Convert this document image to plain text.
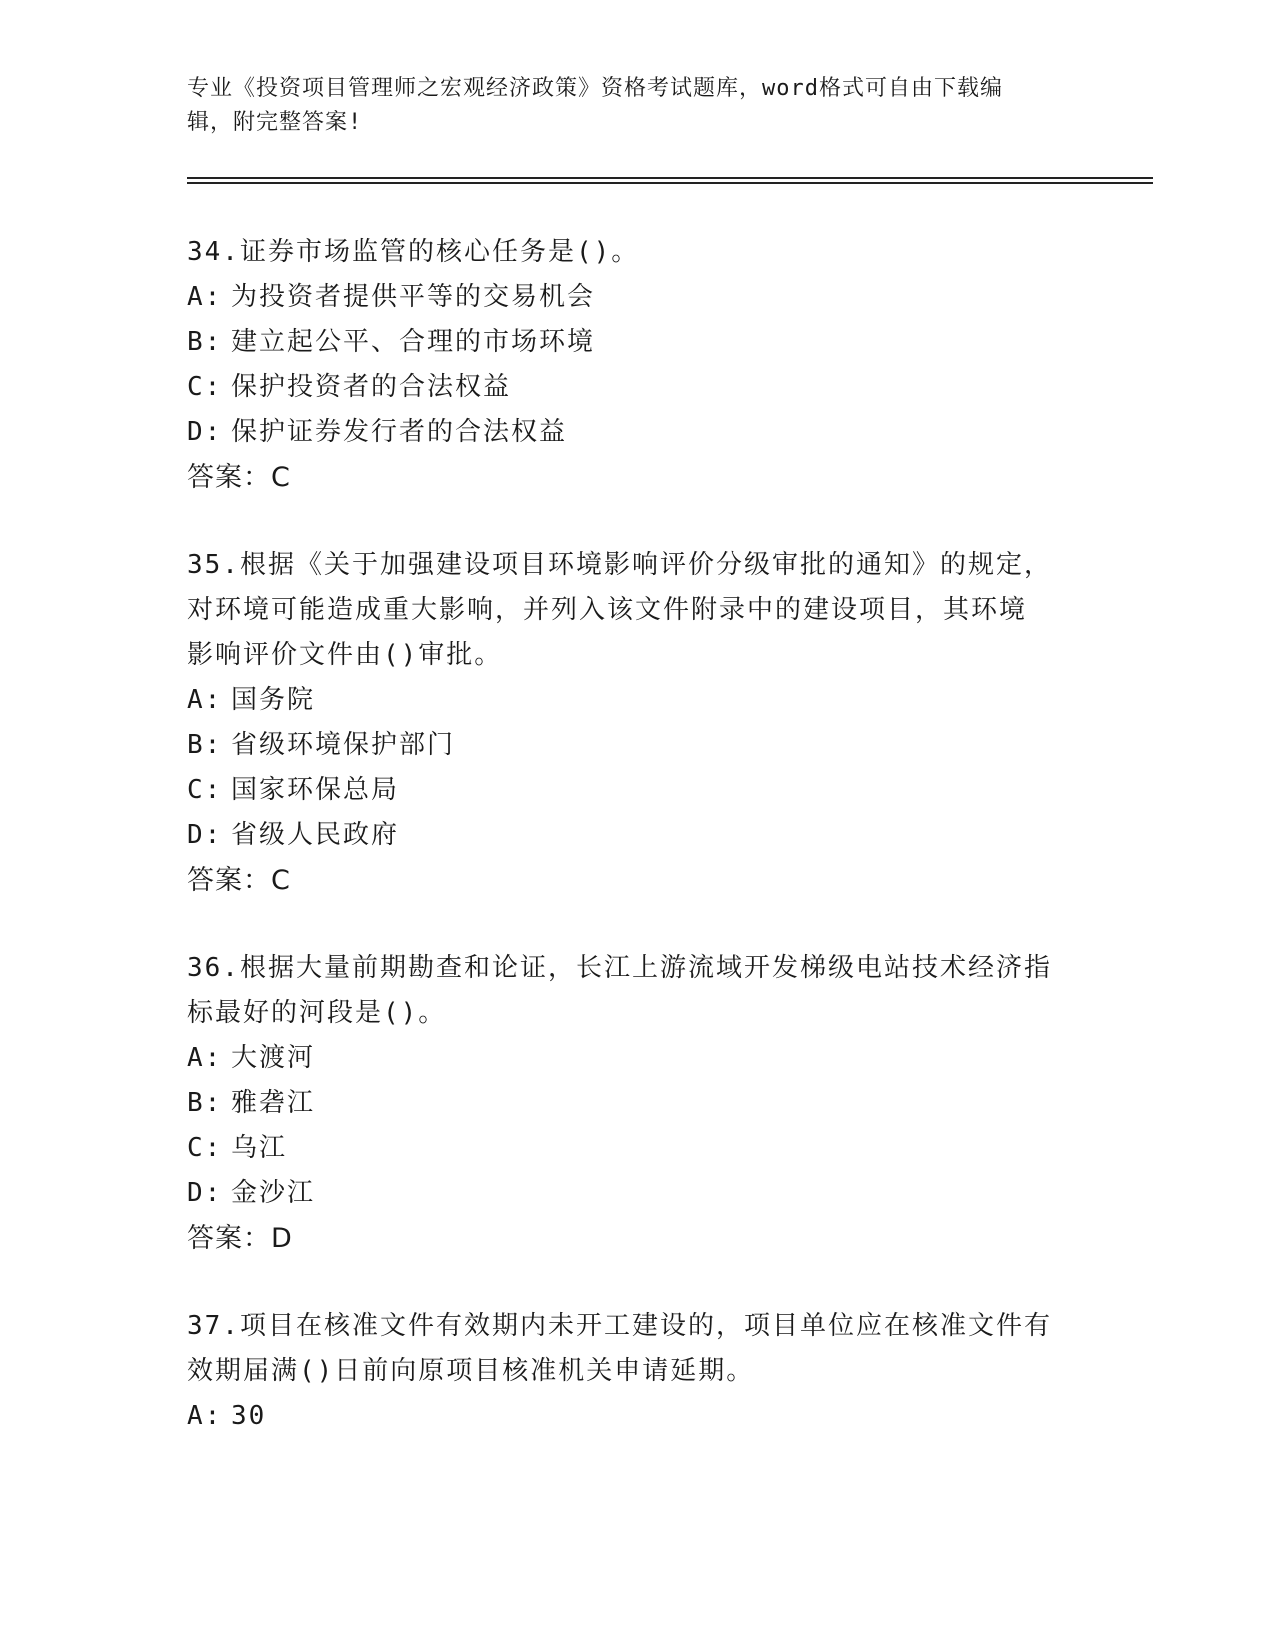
专业《投资项目管理师之宏观经济政策》资格考试题库，word格式可自由下载编
辑，附完整答案!
34.证券市场监管的核心任务是()。
A: 为投资者提供平等的交易机会
B: 建立起公平、合理的市场环境
C: 保护投资者的合法权益
D: 保护证券发行者的合法权益
答案：C
35.根据《关于加强建设项目环境影响评价分级审批的通知》的规定，
对环境可能造成重大影响，并列入该文件附录中的建设项目，其环境
影响评价文件由()审批。
A: 国务院
B: 省级环境保护部门
C: 国家环保总局
D: 省级人民政府
答案：C
36.根据大量前期勘查和论证，长江上游流域开发梯级电站技术经济指
标最好的河段是()。
A: 大渡河
B: 雅砻江
C: 乌江
D: 金沙江
答案：D
37.项目在核准文件有效期内未开工建设的，项目单位应在核准文件有
效期届满()日前向原项目核准机关申请延期。
A: 30
